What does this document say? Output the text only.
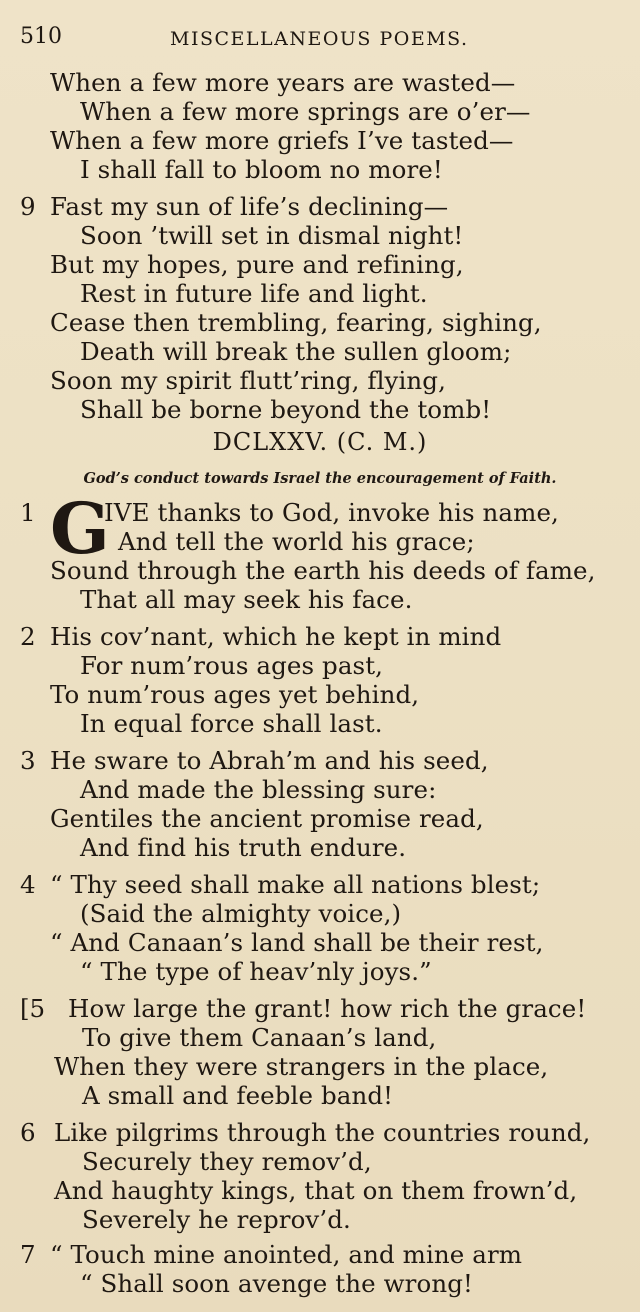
510	MISCELLANEOUS POEMS.
When a few more years are wasted—
When a few more springs are o’er—
When a few more griefs I’ve tasted—
I shall fall to bloom no more!
9 Fast my sun of life’s declining—
Soon ’twill set in dismal night!
But my hopes, pure and refining,
Rest in future life and light.
Cease then trembling, fearing, sighing,
Death will break the sullen gloom;
Soon my spirit flutt’ring, flying,
Shall be borne beyond the tomb!
DCLXXV. (C. M.)
God’s conduct towards Israel the encouragement of Faith.
1 G
IVE thanks to God, invoke his name,
And tell the world his grace;
Sound through the earth his deeds of fame,
That all may seek his face.
2 His cov’nant, which he kept in mind
For num’rous ages past,
To num’rous ages yet behind,
In equal force shall last.
3 He sware to Abrah’m and his seed,
And made the blessing sure:
Gentiles the ancient promise read,
And find his truth endure.
4 “ Thy seed shall make all nations blest;
(Said the almighty voice,)
“ And Canaan’s land shall be their rest,
“ The type of heav’nly joys.”
[5 How large the grant! how rich the grace!
To give them Canaan’s land,
When they were strangers in the place,
A small and feeble band!
6 Like pilgrims through the countries round,
Securely they remov’d,
And haughty kings, that on them frown’d,
Severely he reprov’d.
7 “ Touch mine anointed, and mine arm
“ Shall soon avenge the wrong!
